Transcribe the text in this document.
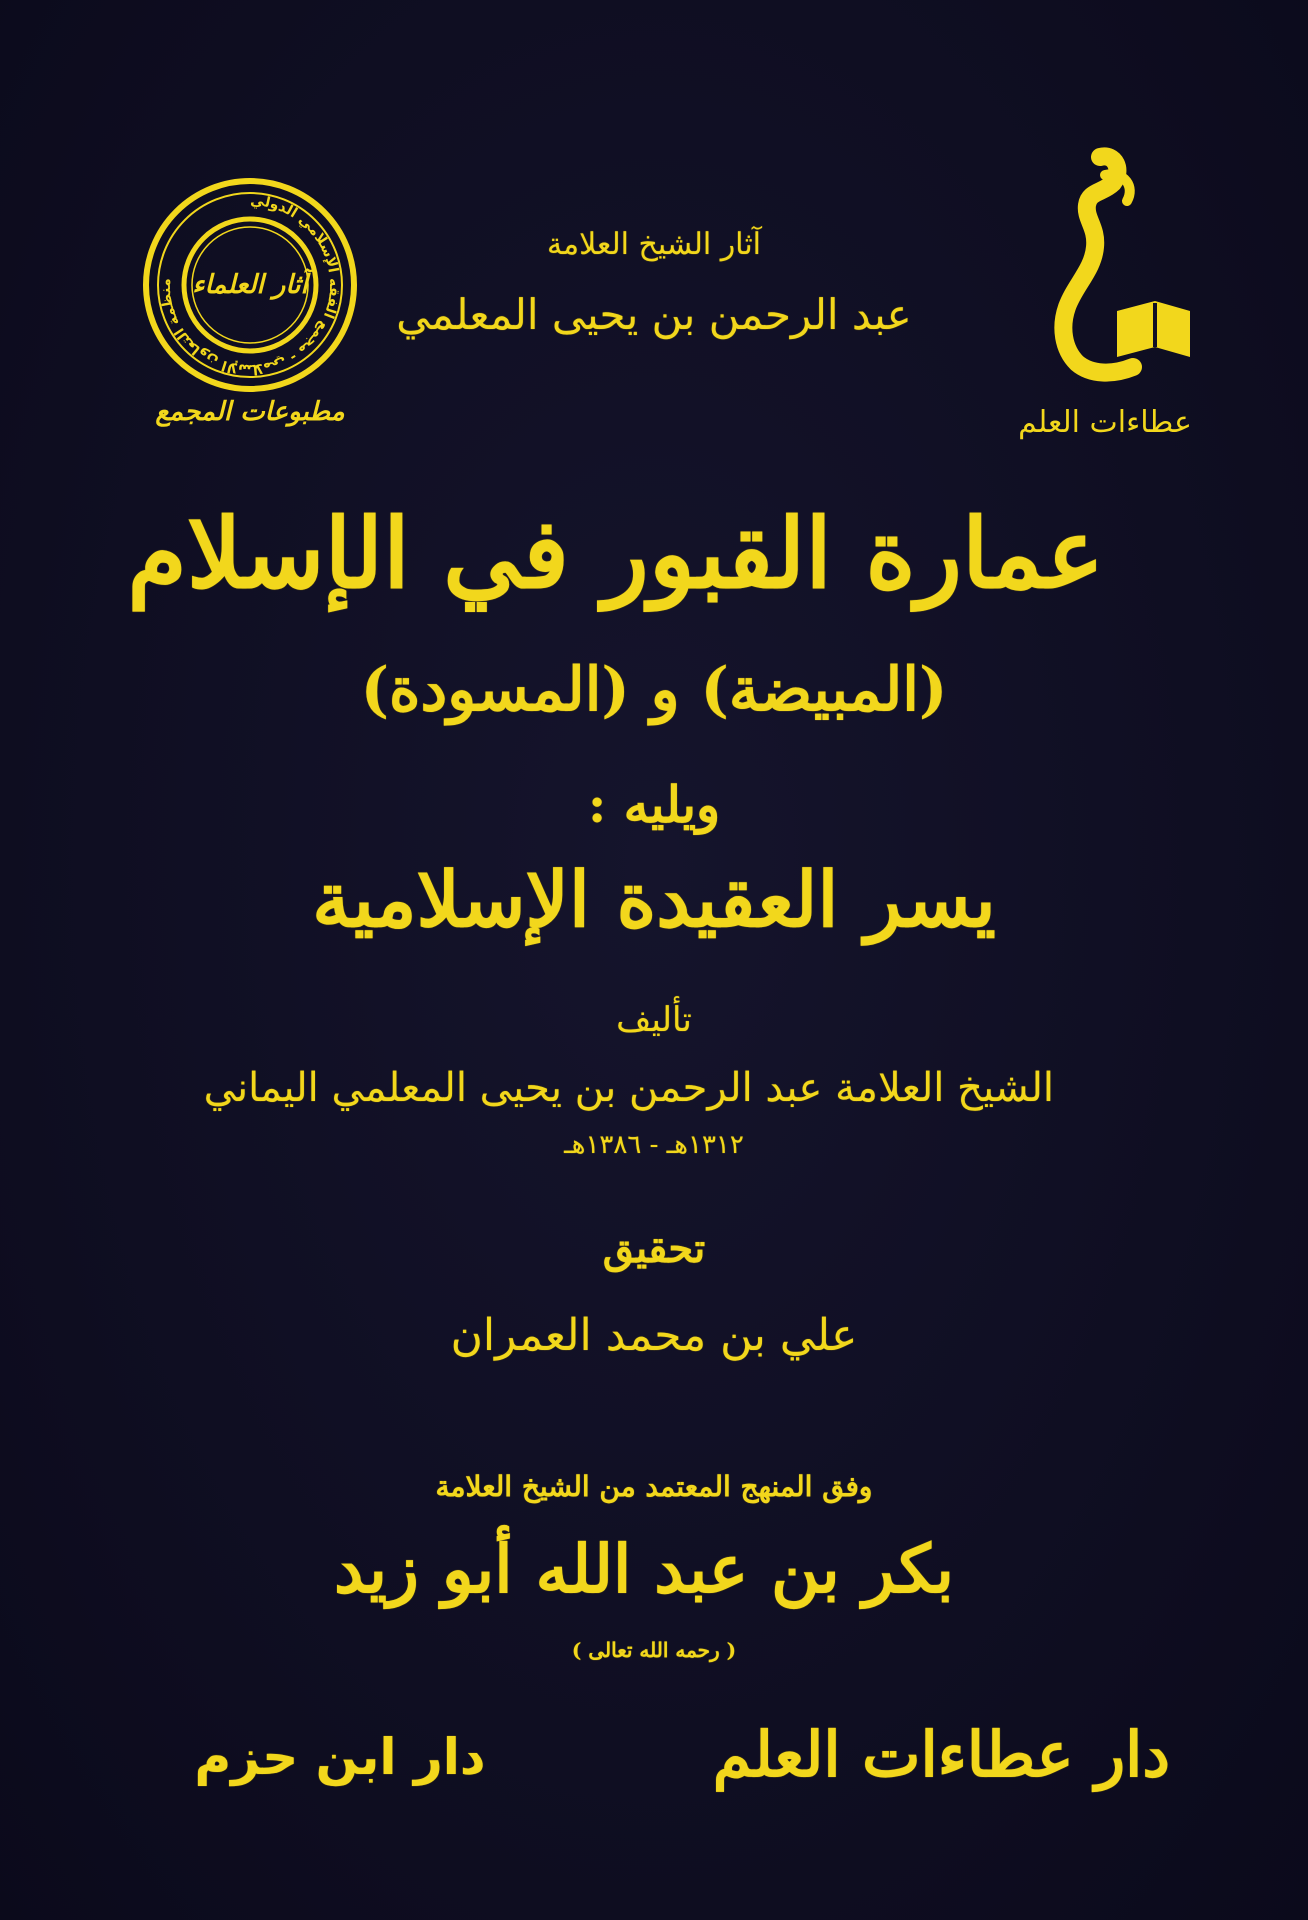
عطاءات العلم
منظمة التعاون الإسلامي - مجمع الفقه الإسلامي الدولي آثار العلماء
مطبوعات المجمع
آثار الشيخ العلامة
عبد الرحمن بن يحيى المعلمي
عمارة القبور في الإسلام
(المبيضة) و (المسودة)
ويليه :
يسر العقيدة الإسلامية
تأليف
الشيخ العلامة عبد الرحمن بن يحيى المعلمي اليماني
١٣١٢هـ - ١٣٨٦هـ
تحقيق
علي بن محمد العمران
وفق المنهج المعتمد من الشيخ العلامة
بكر بن عبد الله أبو زيد
( رحمه الله تعالى )
دار عطاءات العلم
دار ابن حزم
